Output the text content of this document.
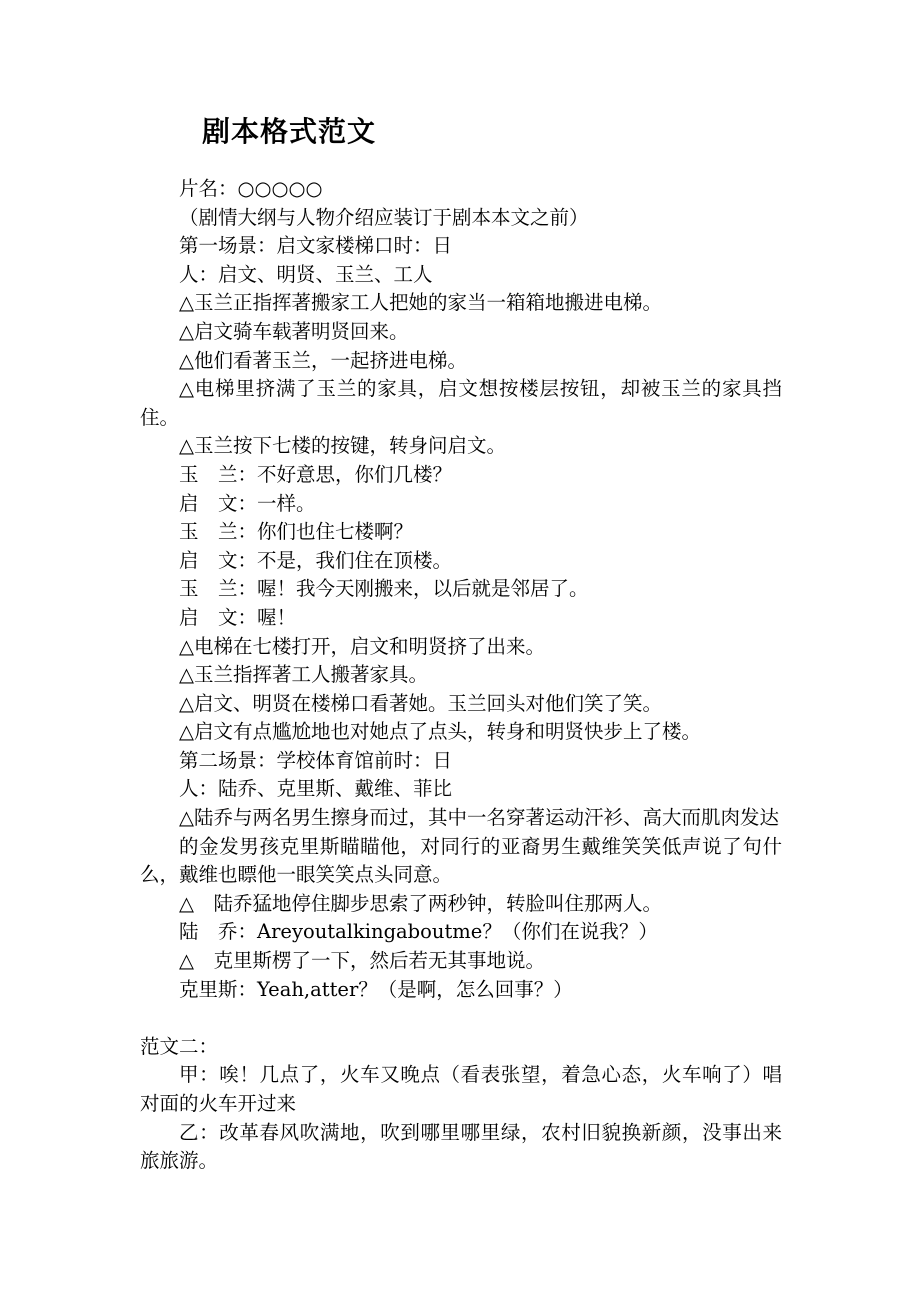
剧本格式范文

片名：○○○○○

（剧情大纲与人物介绍应装订于剧本本文之前）

第一场景：启文家楼梯口时：日

人：启文、明贤、玉兰、工人

△玉兰正指挥著搬家工人把她的家当一箱箱地搬进电梯。

△启文骑车载著明贤回来。

△他们看著玉兰，一起挤进电梯。

△电梯里挤满了玉兰的家具，启文想按楼层按钮，却被玉兰的家具挡住。

△玉兰按下七楼的按键，转身问启文。

玉　兰：不好意思，你们几楼？

启　文：一样。

玉　兰：你们也住七楼啊？

启　文：不是，我们住在顶楼。

玉　兰：喔！我今天刚搬来，以后就是邻居了。

启　文：喔！

△电梯在七楼打开，启文和明贤挤了出来。

△玉兰指挥著工人搬著家具。

△启文、明贤在楼梯口看著她。玉兰回头对他们笑了笑。

△启文有点尴尬地也对她点了点头，转身和明贤快步上了楼。

第二场景：学校体育馆前时：日

人：陆乔、克里斯、戴维、菲比

△陆乔与两名男生擦身而过，其中一名穿著运动汗衫、高大而肌肉发达

的金发男孩克里斯瞄瞄他，对同行的亚裔男生戴维笑笑低声说了句什么，戴维也瞟他一眼笑笑点头同意。

△　陆乔猛地停住脚步思索了两秒钟，转脸叫住那两人。

陆　乔：Areyoutalkingaboutme？（你们在说我？）

△　克里斯楞了一下，然后若无其事地说。

克里斯：Yeah,atter？（是啊，怎么回事？）

范文二：

甲：唉！几点了，火车又晚点（看表张望，着急心态，火车响了）唱对面的火车开过来

乙：改革春风吹满地，吹到哪里哪里绿，农村旧貌换新颜，没事出来旅旅游。
